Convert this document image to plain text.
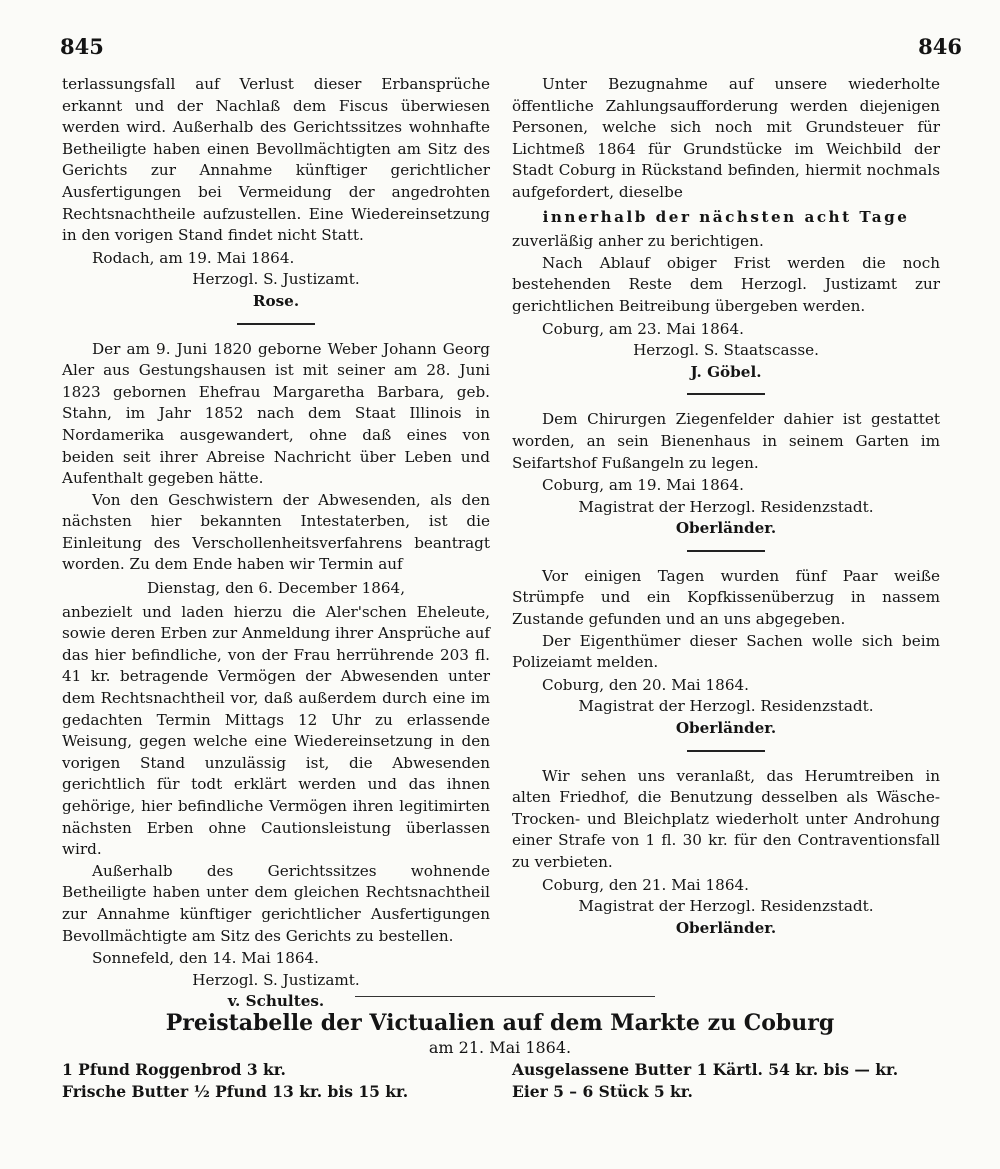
845	846

terlassungsfall auf Verlust dieser Erbansprüche erkannt und der Nachlaß dem Fiscus überwiesen werden wird. Außerhalb des Gerichtssitzes wohnhafte Betheiligte haben einen Bevollmächtigten am Sitz des Gerichts zur Annahme künftiger gerichtlicher Ausfertigungen bei Vermeidung der angedrohten Rechtsnachtheile aufzustellen. Eine Wiedereinsetzung in den vorigen Stand findet nicht Statt.

Rodach, am 19. Mai 1864.

Herzogl. S. Justizamt.

Rose.

Der am 9. Juni 1820 geborne Weber Johann Georg Aler aus Gestungshausen ist mit seiner am 28. Juni 1823 gebornen Ehefrau Margaretha Barbara, geb. Stahn, im Jahr 1852 nach dem Staat Illinois in Nordamerika ausgewandert, ohne daß eines von beiden seit ihrer Abreise Nachricht über Leben und Aufenthalt gegeben hätte.

Von den Geschwistern der Abwesenden, als den nächsten hier bekannten Intestaterben, ist die Einleitung des Verschollenheitsverfahrens beantragt worden. Zu dem Ende haben wir Termin auf

Dienstag, den 6. December 1864,

anbezielt und laden hierzu die Aler'schen Eheleute, sowie deren Erben zur Anmeldung ihrer Ansprüche auf das hier befindliche, von der Frau herrührende 203 fl. 41 kr. betragende Vermögen der Abwesenden unter dem Rechtsnachtheil vor, daß außerdem durch eine im gedachten Termin Mittags 12 Uhr zu erlassende Weisung, gegen welche eine Wiedereinsetzung in den vorigen Stand unzulässig ist, die Abwesenden gerichtlich für todt erklärt werden und das ihnen gehörige, hier befindliche Vermögen ihren legitimirten nächsten Erben ohne Cautionsleistung überlassen wird.

Außerhalb des Gerichtssitzes wohnende Betheiligte haben unter dem gleichen Rechtsnachtheil zur Annahme künftiger gerichtlicher Ausfertigungen Bevollmächtigte am Sitz des Gerichts zu bestellen.

Sonnefeld, den 14. Mai 1864.

Herzogl. S. Justizamt.

v. Schultes.

Unter Bezugnahme auf unsere wiederholte öffentliche Zahlungsaufforderung werden diejenigen Personen, welche sich noch mit Grundsteuer für Lichtmeß 1864 für Grundstücke im Weichbild der Stadt Coburg in Rückstand befinden, hiermit nochmals aufgefordert, dieselbe

innerhalb der nächsten acht Tage

zuverläßig anher zu berichtigen.

Nach Ablauf obiger Frist werden die noch bestehenden Reste dem Herzogl. Justizamt zur gerichtlichen Beitreibung übergeben werden.

Coburg, am 23. Mai 1864.

Herzogl. S. Staatscasse.

J. Göbel.

Dem Chirurgen Ziegenfelder dahier ist gestattet worden, an sein Bienenhaus in seinem Garten im Seifartshof Fußangeln zu legen.

Coburg, am 19. Mai 1864.

Magistrat der Herzogl. Residenzstadt.

Oberländer.

Vor einigen Tagen wurden fünf Paar weiße Strümpfe und ein Kopfkissenüberzug in nassem Zustande gefunden und an uns abgegeben.

Der Eigenthümer dieser Sachen wolle sich beim Polizeiamt melden.

Coburg, den 20. Mai 1864.

Magistrat der Herzogl. Residenzstadt.

Oberländer.

Wir sehen uns veranlaßt, das Herumtreiben in alten Friedhof, die Benutzung desselben als Wäsche-Trocken- und Bleichplatz wiederholt unter Androhung einer Strafe von 1 fl. 30 kr. für den Contraventionsfall zu verbieten.

Coburg, den 21. Mai 1864.

Magistrat der Herzogl. Residenzstadt.

Oberländer.

Preistabelle der Victualien auf dem Markte zu Coburg
am 21. Mai 1864.
1 Pfund Roggenbrod 3 kr.
Frische Butter ½ Pfund 13 kr. bis 15 kr.
Ausgelassene Butter 1 Kärtl. 54 kr. bis — kr.
Eier 5 – 6 Stück 5 kr.
